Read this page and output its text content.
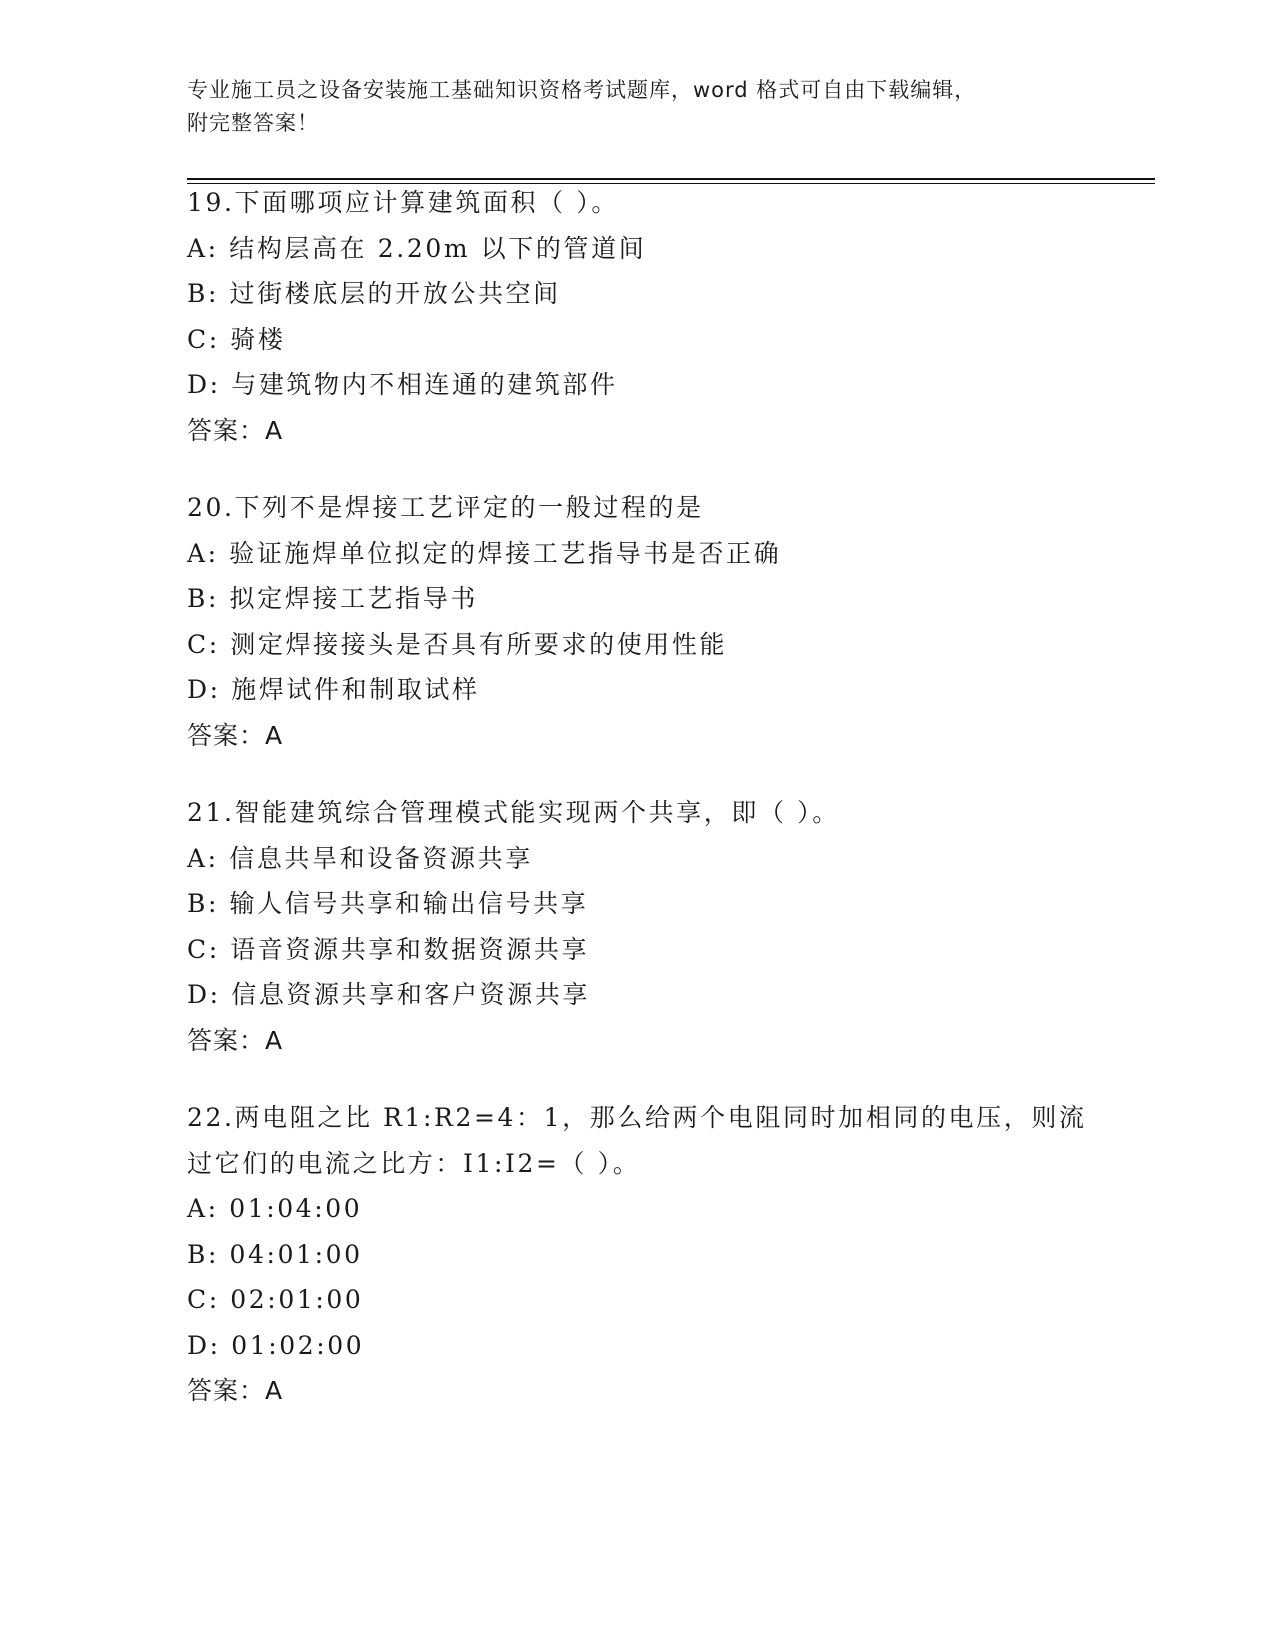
专业施工员之设备安装施工基础知识资格考试题库，word 格式可自由下载编辑，
附完整答案！
19.下面哪项应计算建筑面积（ ）。
A: 结构层高在 2.20m 以下的管道间
B: 过街楼底层的开放公共空间
C: 骑楼
D: 与建筑物内不相连通的建筑部件
答案：A
20.下列不是焊接工艺评定的一般过程的是
A: 验证施焊单位拟定的焊接工艺指导书是否正确
B: 拟定焊接工艺指导书
C: 测定焊接接头是否具有所要求的使用性能
D: 施焊试件和制取试样
答案：A
21.智能建筑综合管理模式能实现两个共享，即（ ）。
A: 信息共旱和设备资源共享
B: 输人信号共享和输出信号共享
C: 语音资源共享和数据资源共享
D: 信息资源共享和客户资源共享
答案：A
22.两电阻之比 R1:R2=4：1，那么给两个电阻同时加相同的电压，则流
过它们的电流之比方：I1:I2=（ ）。
A: 01:04:00
B: 04:01:00
C: 02:01:00
D: 01:02:00
答案：A
